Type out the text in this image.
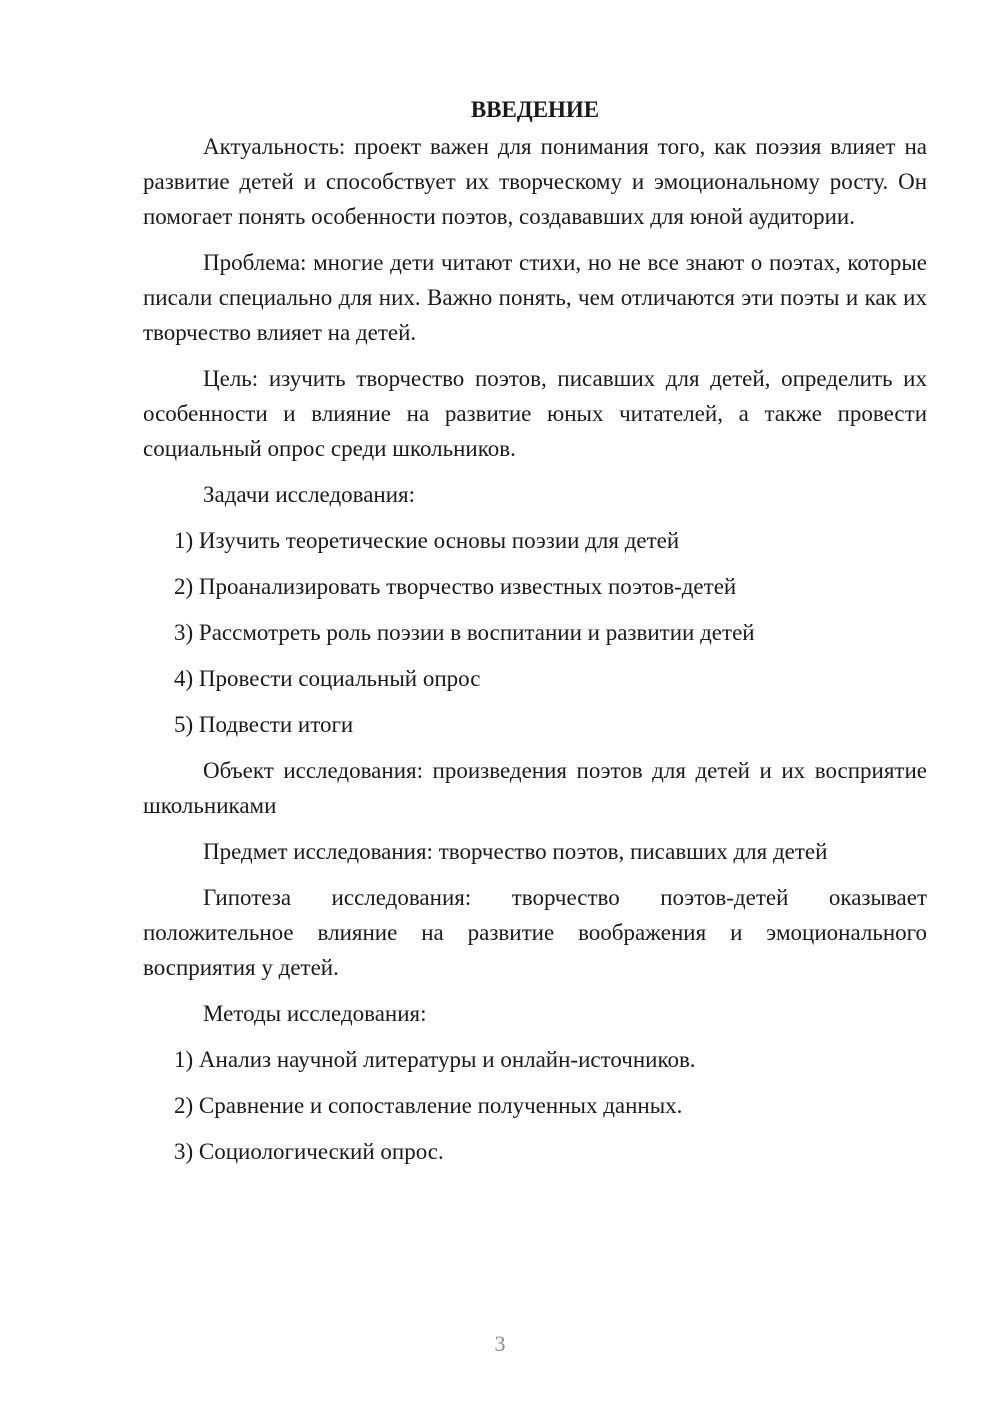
ВВЕДЕНИЕ

Актуальность: проект важен для понимания того, как поэзия влияет на развитие детей и способствует их творческому и эмоциональному росту. Он помогает понять особенности поэтов, создававших для юной аудитории.

Проблема: многие дети читают стихи, но не все знают о поэтах, которые писали специально для них. Важно понять, чем отличаются эти поэты и как их творчество влияет на детей.

Цель: изучить творчество поэтов, писавших для детей, определить их особенности и влияние на развитие юных читателей, а также провести социальный опрос среди школьников.

Задачи исследования:

1) Изучить теоретические основы поэзии для детей
2) Проанализировать творчество известных поэтов-детей
3) Рассмотреть роль поэзии в воспитании и развитии детей
4) Провести социальный опрос
5) Подвести итоги

Объект исследования: произведения поэтов для детей и их восприятие школьниками

Предмет исследования: творчество поэтов, писавших для детей

Гипотеза исследования: творчество поэтов-детей оказывает положительное влияние на развитие воображения и эмоционального восприятия у детей.

Методы исследования:

1) Анализ научной литературы и онлайн-источников.
2) Сравнение и сопоставление полученных данных.
3) Социологический опрос.
3
